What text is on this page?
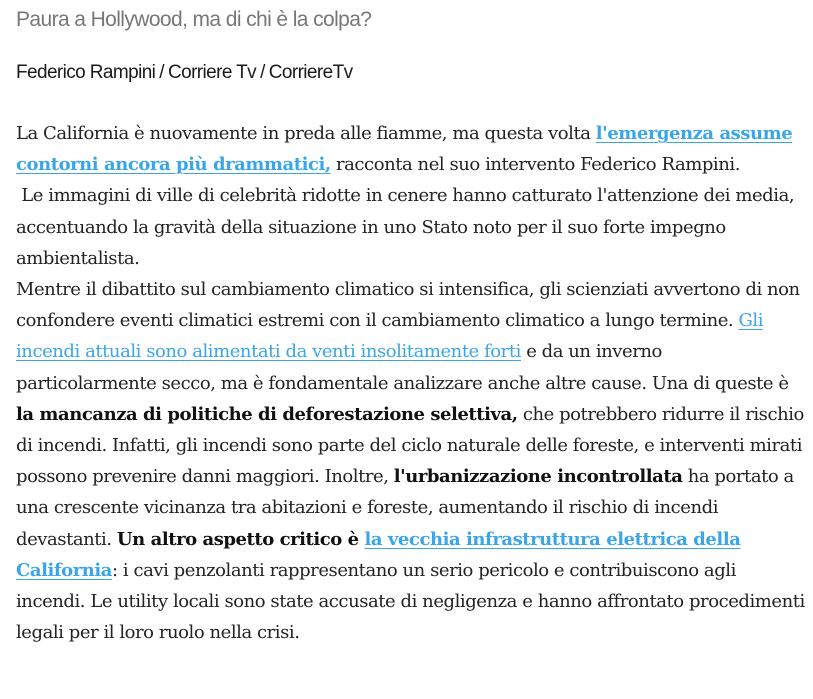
Paura a Hollywood, ma di chi è la colpa?
Federico Rampini / Corriere Tv / CorriereTv

La California è nuovamente in preda alle fiamme, ma questa volta l'emergenza assume contorni ancora più drammatici, racconta nel suo intervento Federico Rampini.

Le immagini di ville di celebrità ridotte in cenere hanno catturato l'attenzione dei media, accentuando la gravità della situazione in uno Stato noto per il suo forte impegno ambientalista.

Mentre il dibattito sul cambiamento climatico si intensifica, gli scienziati avvertono di non confondere eventi climatici estremi con il cambiamento climatico a lungo termine. Gli incendi attuali sono alimentati da venti insolitamente forti e da un inverno particolarmente secco, ma è fondamentale analizzare anche altre cause. Una di queste è la mancanza di politiche di deforestazione selettiva, che potrebbero ridurre il rischio di incendi. Infatti, gli incendi sono parte del ciclo naturale delle foreste, e interventi mirati possono prevenire danni maggiori. Inoltre, l'urbanizzazione incontrollata ha portato a una crescente vicinanza tra abitazioni e foreste, aumentando il rischio di incendi devastanti. Un altro aspetto critico è la vecchia infrastruttura elettrica della California: i cavi penzolanti rappresentano un serio pericolo e contribuiscono agli incendi. Le utility locali sono state accusate di negligenza e hanno affrontato procedimenti legali per il loro ruolo nella crisi.
